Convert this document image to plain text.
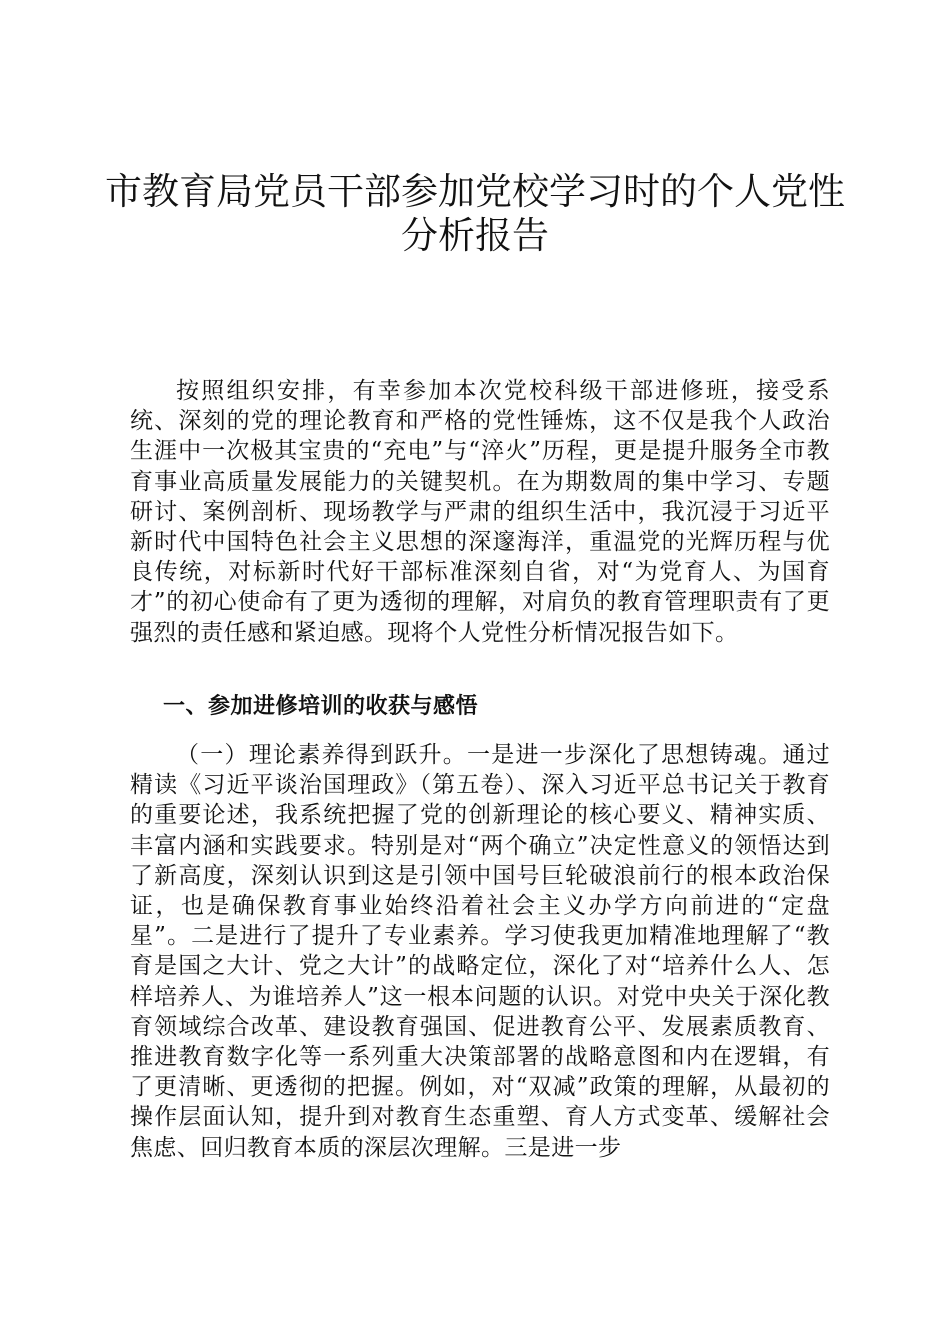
市教育局党员干部参加党校学习时的个人党性
分析报告

按照组织安排，有幸参加本次党校科级干部进修班，接受系统、深刻的党的理论教育和严格的党性锤炼，这不仅是我个人政治生涯中一次极其宝贵的“充电”与“淬火”历程，更是提升服务全市教育事业高质量发展能力的关键契机。在为期数周的集中学习、专题研讨、案例剖析、现场教学与严肃的组织生活中，我沉浸于习近平新时代中国特色社会主义思想的深邃海洋，重温党的光辉历程与优良传统，对标新时代好干部标准深刻自省，对“为党育人、为国育才”的初心使命有了更为透彻的理解，对肩负的教育管理职责有了更强烈的责任感和紧迫感。现将个人党性分析情况报告如下。

一、参加进修培训的收获与感悟

（一）理论素养得到跃升。一是进一步深化了思想铸魂。通过精读《习近平谈治国理政》（第五卷）、深入习近平总书记关于教育的重要论述，我系统把握了党的创新理论的核心要义、精神实质、丰富内涵和实践要求。特别是对“两个确立”决定性意义的领悟达到了新高度，深刻认识到这是引领中国号巨轮破浪前行的根本政治保证，也是确保教育事业始终沿着社会主义办学方向前进的“定盘星”。二是进行了提升了专业素养。学习使我更加精准地理解了“教育是国之大计、党之大计”的战略定位，深化了对“培养什么人、怎样培养人、为谁培养人”这一根本问题的认识。对党中央关于深化教育领域综合改革、建设教育强国、促进教育公平、发展素质教育、推进教育数字化等一系列重大决策部署的战略意图和内在逻辑，有了更清晰、更透彻的把握。例如，对“双减”政策的理解，从最初的操作层面认知，提升到对教育生态重塑、育人方式变革、缓解社会焦虑、回归教育本质的深层次理解。三是进一步
